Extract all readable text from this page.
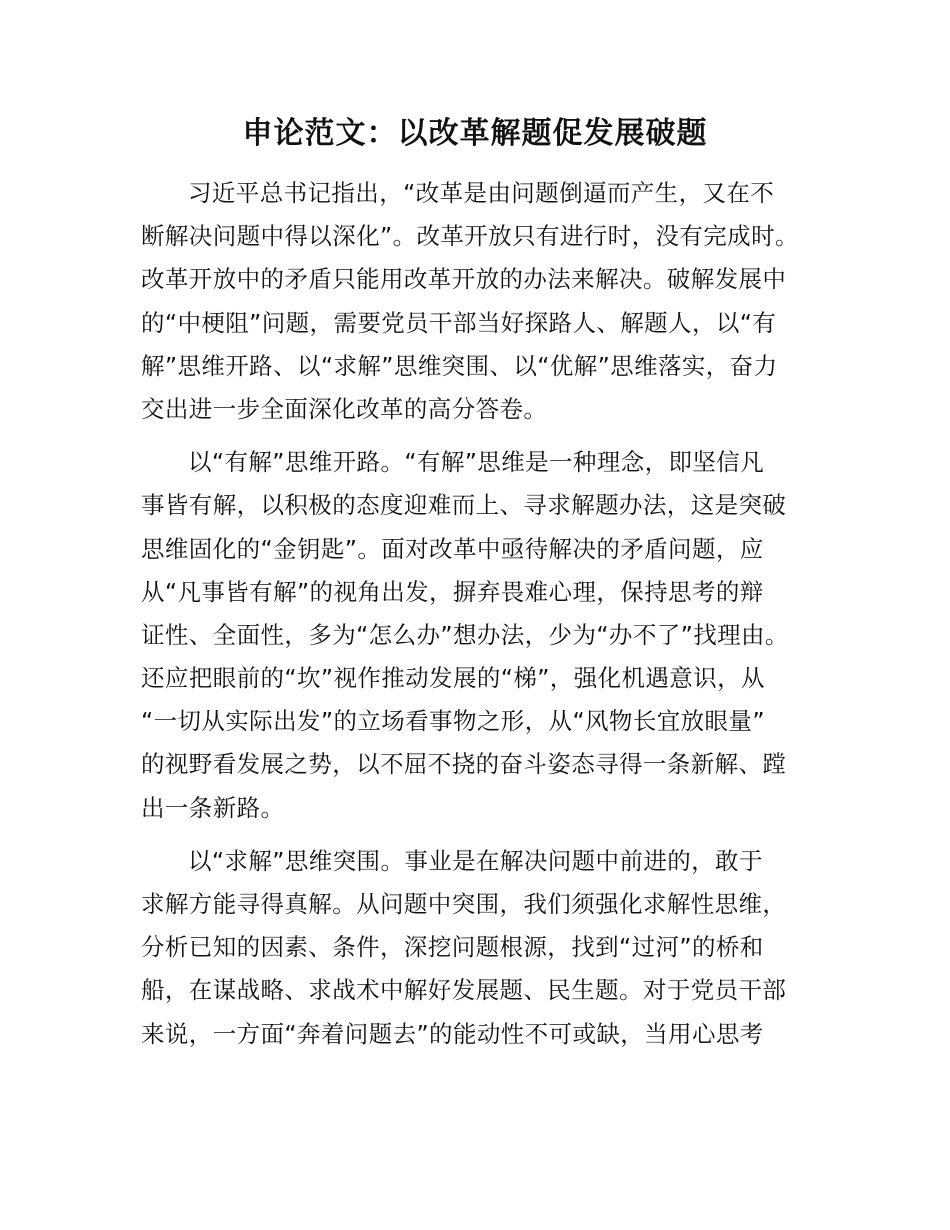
申论范文：以改革解题促发展破题
习近平总书记指出，“改革是由问题倒逼而产生，又在不
断解决问题中得以深化”。改革开放只有进行时，没有完成时。
改革开放中的矛盾只能用改革开放的办法来解决。破解发展中
的“中梗阻”问题，需要党员干部当好探路人、解题人，以“有
解”思维开路、以“求解”思维突围、以“优解”思维落实，奋力
交出进一步全面深化改革的高分答卷。
以“有解”思维开路。“有解”思维是一种理念，即坚信凡
事皆有解，以积极的态度迎难而上、寻求解题办法，这是突破
思维固化的“金钥匙”。面对改革中亟待解决的矛盾问题，应
从“凡事皆有解”的视角出发，摒弃畏难心理，保持思考的辩
证性、全面性，多为“怎么办”想办法，少为“办不了”找理由。
还应把眼前的“坎”视作推动发展的“梯”，强化机遇意识，从
“一切从实际出发”的立场看事物之形，从“风物长宜放眼量”
的视野看发展之势，以不屈不挠的奋斗姿态寻得一条新解、蹚
出一条新路。
以“求解”思维突围。事业是在解决问题中前进的，敢于
求解方能寻得真解。从问题中突围，我们须强化求解性思维，
分析已知的因素、条件，深挖问题根源，找到“过河”的桥和
船，在谋战略、求战术中解好发展题、民生题。对于党员干部
来说，一方面“奔着问题去”的能动性不可或缺，当用心思考
